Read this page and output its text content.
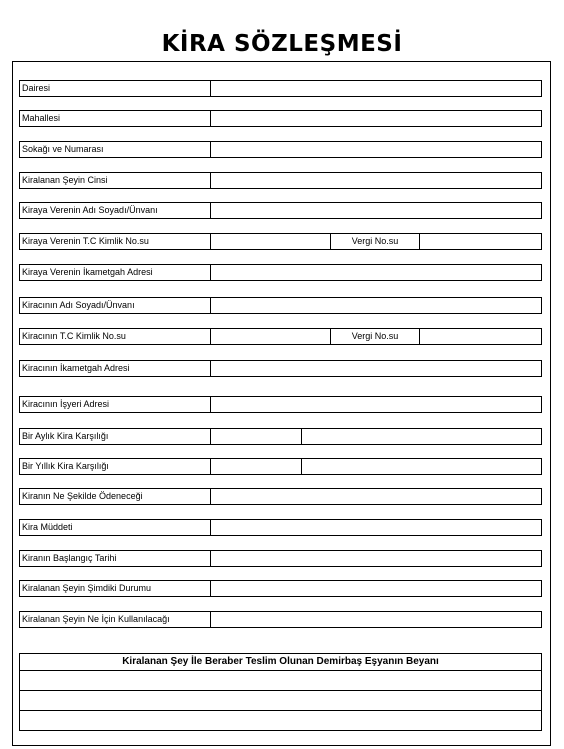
KİRA SÖZLEŞMESİ
Dairesi
Mahallesi
Sokağı ve Numarası
Kiralanan Şeyin Cinsi
Kiraya Verenin Adı Soyadı/Ünvanı
Kiraya Verenin T.C Kimlik No.su	Vergi No.su
Kiraya Verenin İkametgah Adresi
Kiracının Adı Soyadı/Ünvanı
Kiracının T.C Kimlik No.su	Vergi No.su
Kiracının İkametgah Adresi
Kiracının İşyeri Adresi
Bir Aylık Kira Karşılığı
Bir Yıllık Kira Karşılığı
Kiranın Ne Şekilde Ödeneceği
Kira Müddeti
Kiranın Başlangıç Tarihi
Kiralanan Şeyin Şimdiki Durumu
Kiralanan Şeyin Ne İçin Kullanılacağı
Kiralanan Şey İle Beraber Teslim Olunan Demirbaş Eşyanın Beyanı
